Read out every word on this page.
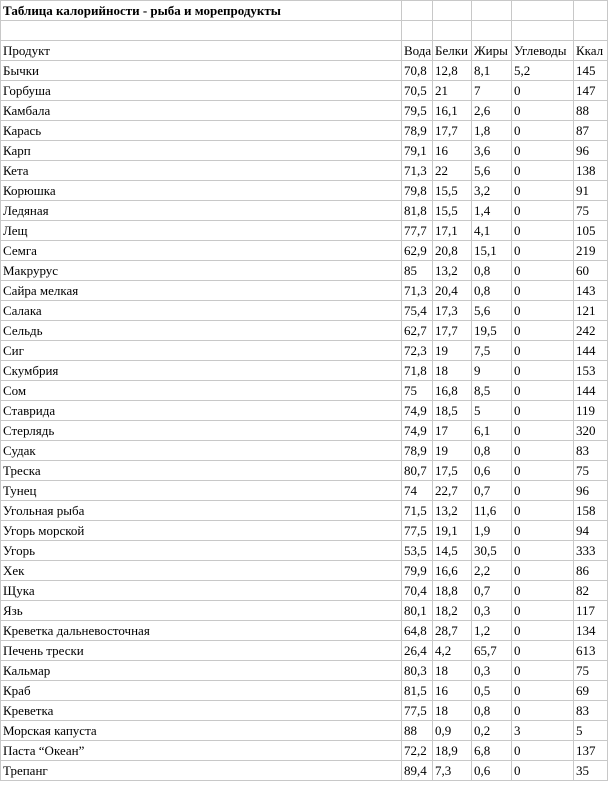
Таблица калорийности - рыба и морепродукты					

Продукт	Вода	Белки	Жиры	Углеводы	Ккал
Бычки	70,8	12,8	8,1	5,2	145
Горбуша	70,5	21	7	0	147
Камбала	79,5	16,1	2,6	0	88
Карась	78,9	17,7	1,8	0	87
Карп	79,1	16	3,6	0	96
Кета	71,3	22	5,6	0	138
Корюшка	79,8	15,5	3,2	0	91
Ледяная	81,8	15,5	1,4	0	75
Лещ	77,7	17,1	4,1	0	105
Семга	62,9	20,8	15,1	0	219
Макрурус	85	13,2	0,8	0	60
Сайра мелкая	71,3	20,4	0,8	0	143
Салака	75,4	17,3	5,6	0	121
Сельдь	62,7	17,7	19,5	0	242
Сиг	72,3	19	7,5	0	144
Скумбрия	71,8	18	9	0	153
Сом	75	16,8	8,5	0	144
Ставрида	74,9	18,5	5	0	119
Стерлядь	74,9	17	6,1	0	320
Судак	78,9	19	0,8	0	83
Треска	80,7	17,5	0,6	0	75
Тунец	74	22,7	0,7	0	96
Угольная рыба	71,5	13,2	11,6	0	158
Угорь морской	77,5	19,1	1,9	0	94
Угорь	53,5	14,5	30,5	0	333
Хек	79,9	16,6	2,2	0	86
Щука	70,4	18,8	0,7	0	82
Язь	80,1	18,2	0,3	0	117
Креветка дальневосточная	64,8	28,7	1,2	0	134
Печень трески	26,4	4,2	65,7	0	613
Кальмар	80,3	18	0,3	0	75
Краб	81,5	16	0,5	0	69
Креветка	77,5	18	0,8	0	83
Морская капуста	88	0,9	0,2	3	5
Паста “Океан”	72,2	18,9	6,8	0	137
Трепанг	89,4	7,3	0,6	0	35
